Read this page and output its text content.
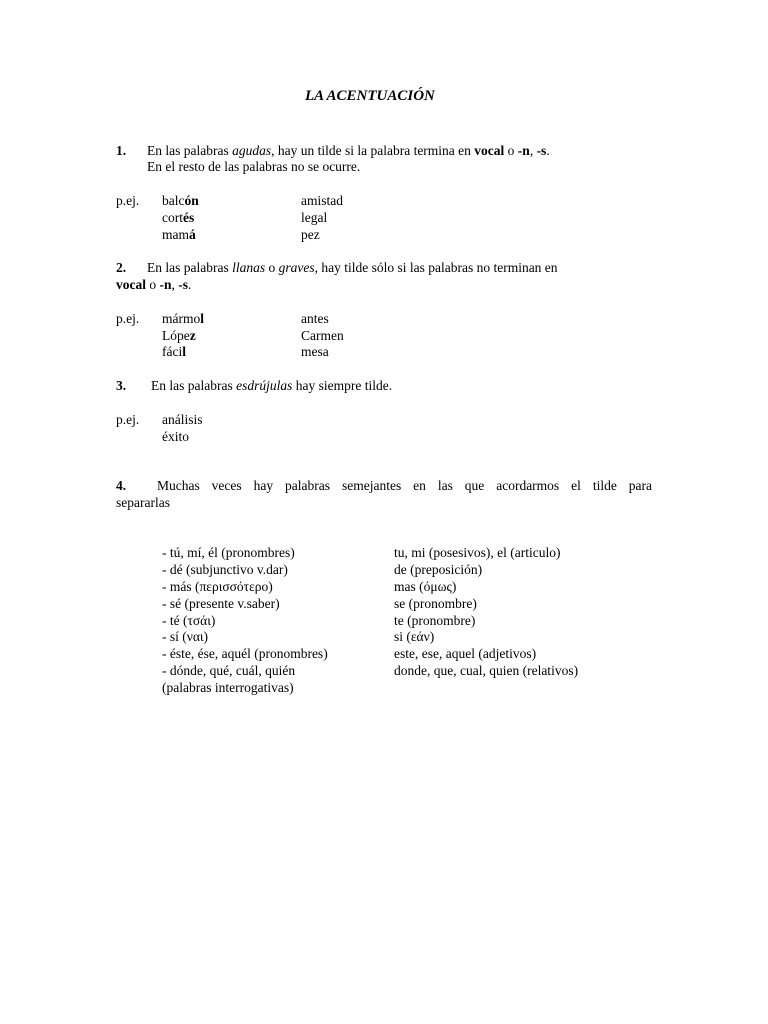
LA ACENTUACIÓN
1. En las palabras agudas, hay un tilde si la palabra termina en vocal o -n, -s.
En el resto de las palabras no se ocurre.
p.ej. balcón
cortés
mamá
amistad
legal
pez
2. En las palabras llanas o graves, hay tilde sólo si las palabras no terminan en
vocal o -n, -s.
p.ej. mármol
López
fácil
antes
Carmen
mesa
3. En las palabras esdrújulas hay siempre tilde.
p.ej. análisis
éxito
4. Muchas veces hay palabras semejantes en las que acordarmos el tilde para
separarlas
- tú, mí, él (pronombres)
- dé (subjunctivo v.dar)
- más (περισσότερο)
- sé (presente v.saber)
- té (τσάι)
- sí (ναι)
- éste, ése, aquél (pronombres)
- dónde, qué, cuál, quién
(palabras interrogativas)
tu, mi (posesivos), el (articulo)
de (preposición)
mas (όμως)
se (pronombre)
te (pronombre)
si (εάν)
este, ese, aquel (adjetivos)
donde, que, cual, quien (relativos)
